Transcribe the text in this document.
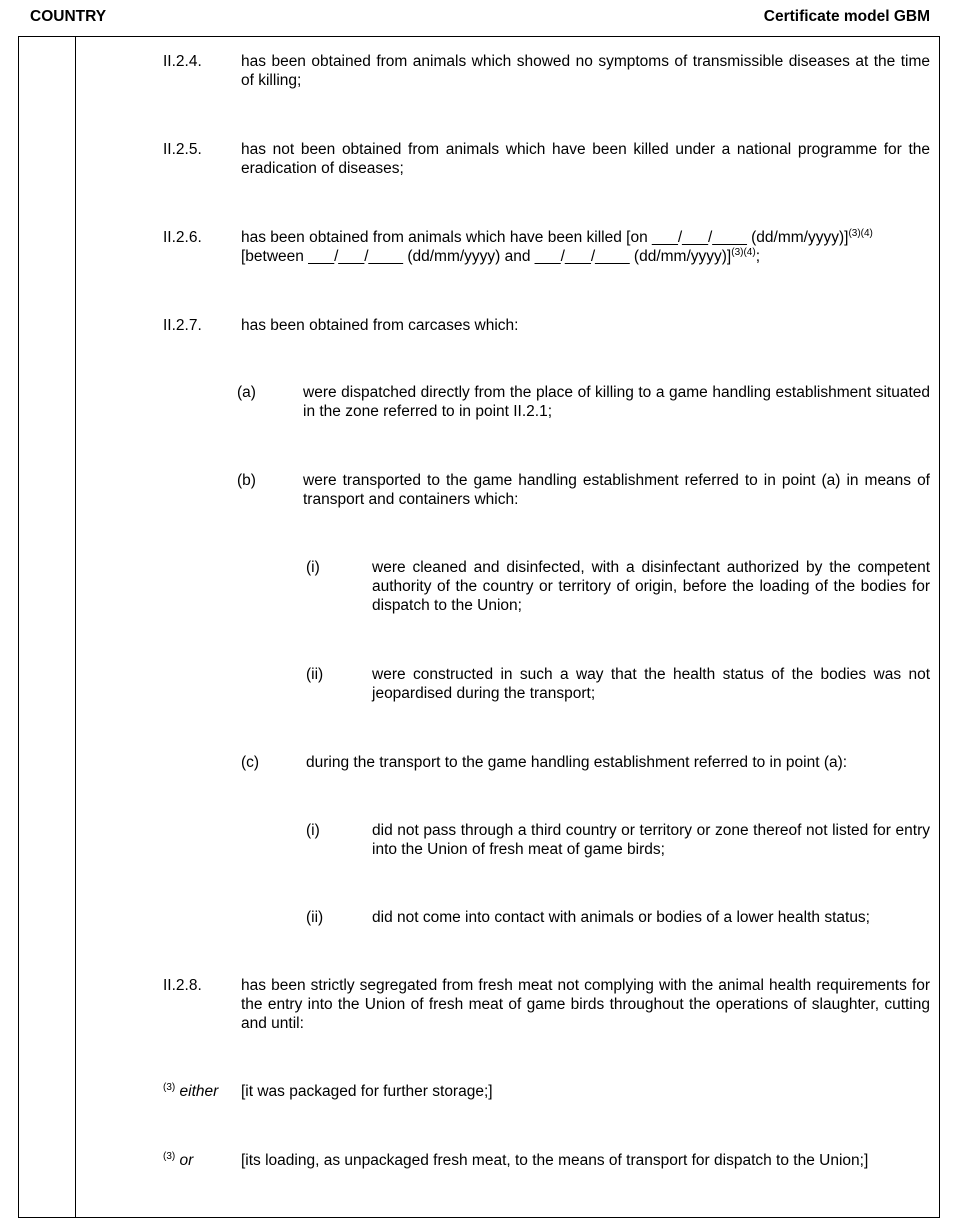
COUNTRY	Certificate model GBM
II.2.4.	has been obtained from animals which showed no symptoms of transmissible diseases at the time of killing;
II.2.5.	has not been obtained from animals which have been killed under a national programme for the eradication of diseases;
II.2.6.	has been obtained from animals which have been killed [on ___/___/____ (dd/mm/yyyy)]$^{(3)(4)}$
[between ___/___/____ (dd/mm/yyyy) and ___/___/____ (dd/mm/yyyy)]$^{(3)(4)}$;
II.2.7.	has been obtained from carcases which:
(a)	were dispatched directly from the place of killing to a game handling establishment situated in the zone referred to in point II.2.1;
(b)	were transported to the game handling establishment referred to in point (a) in means of transport and containers which:
(i)	were cleaned and disinfected, with a disinfectant authorized by the competent authority of the country or territory of origin, before the loading of the bodies for dispatch to the Union;
(ii)	were constructed in such a way that the health status of the bodies was not jeopardised during the transport;
(c)	during the transport to the game handling establishment referred to in point (a):
(i)	did not pass through a third country or territory or zone thereof not listed for entry into the Union of fresh meat of game birds;
(ii)	did not come into contact with animals or bodies of a lower health status;
II.2.8.	has been strictly segregated from fresh meat not complying with the animal health requirements for the entry into the Union of fresh meat of game birds throughout the operations of slaughter, cutting and until:
$^{(3)}$ either [it was packaged for further storage;]
$^{(3)}$ or	[its loading, as unpackaged fresh meat, to the means of transport for dispatch to the Union;]
